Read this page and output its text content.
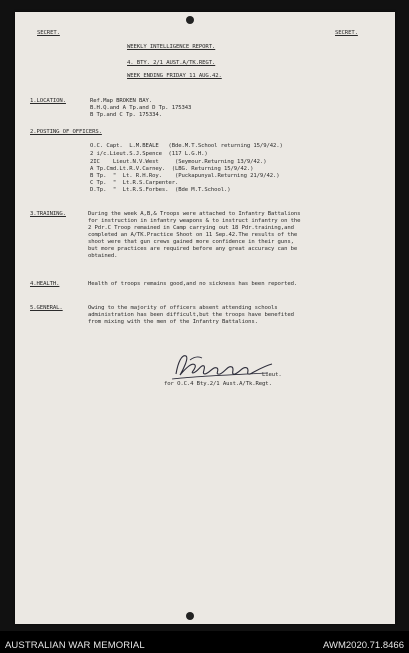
SECRET.	SECRET.
WEEKLY INTELLIGENCE REPORT.
4. BTY. 2/1 AUST.A/TK.REGT.
WEEK ENDING FRIDAY 11 AUG.42.
1.LOCATION.	Ref.Map BROKEN BAY.
B.H.Q.and A Tp.and D Tp. 175343
B Tp.and C Tp. 175334.
2.POSTING OF OFFICERS.
O.C. Capt.  L.M.BEALE   (Bde.M.T.School returning 15/9/42.)
2 i/c.Lieut.S.J.Spence  (117 L.G.H.)
2IC    Lieut.N.V.West     (Seymour.Returning 13/9/42.)
A Tp.Cmd.Lt.R.V.Carney.  (LBG. Returning 15/9/42.)
B Tp.  "  Lt. R.H.Roy.    (Puckapunyal.Returning 21/9/42.)
C Tp.  "  Lt.R.S.Carpenter.
D.Tp.  "  Lt.R.S.Forbes.  (Bde M.T.School.)
3.TRAINING.	During the week A,B,& Troops were attached to Infantry Battalions
for instruction in infantry weapons & to instruct infantry on the
2 Pdr.C Troop remained in Camp carrying out 18 Pdr.training,and
completed an A/TK.Practice Shoot on 11 Sep.42.The results of the
shoot were that gun crews gained more confidence in their guns,
but more practices are required before any great accuracy can be
obtained.
4.HEALTH.	Health of troops remains good,and no sickness has been reported.
5.GENERAL.	Owing to the majority of officers absent attending schools
administration has been difficult,but the troops have benefited
from mixing with the men of the Infantry Battalions.
Lieut.
for O.C.4 Bty.2/1 Aust.A/Tk.Regt.
AUSTRALIAN WAR MEMORIAL	AWM2020.71.8466
